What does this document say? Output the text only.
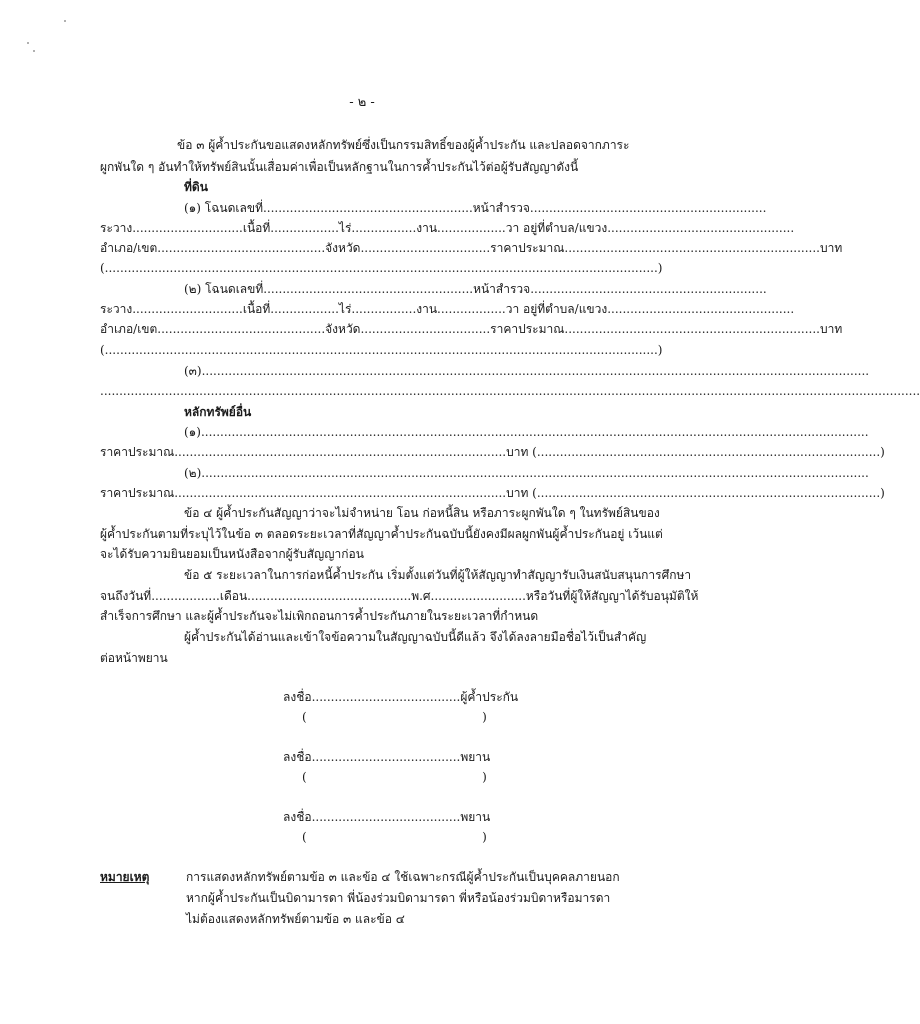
- ๒ -
ข้อ ๓ ผู้ค้ำประกันขอแสดงหลักทรัพย์ซึ่งเป็นกรรมสิทธิ์ของผู้ค้ำประกัน และปลอดจากภาระ
ผูกพันใด ๆ อันทำให้ทรัพย์สินนั้นเสื่อมค่าเพื่อเป็นหลักฐานในการค้ำประกันไว้ต่อผู้รับสัญญาดังนี้
ที่ดิน
(๑) โฉนดเลขที่.......................................................หน้าสำรวจ..............................................................
ระวาง.............................เนื้อที่..................ไร่.................งาน..................วา อยู่ที่ตำบล/แขวง.................................................
อำเภอ/เขต............................................จังหวัด..................................ราคาประมาณ...................................................................บาท
(.................................................................................................................................................)
(๒) โฉนดเลขที่.......................................................หน้าสำรวจ..............................................................
ระวาง.............................เนื้อที่..................ไร่.................งาน..................วา อยู่ที่ตำบล/แขวง.................................................
อำเภอ/เขต............................................จังหวัด..................................ราคาประมาณ...................................................................บาท
(.................................................................................................................................................)
(๓)...............................................................................................................................................................................
.......................................................................................................................................................................................................................
หลักทรัพย์อื่น
(๑)...............................................................................................................................................................................
ราคาประมาณ.......................................................................................บาท (..........................................................................................)
(๒)...............................................................................................................................................................................
ราคาประมาณ.......................................................................................บาท (..........................................................................................)
ข้อ ๔ ผู้ค้ำประกันสัญญาว่าจะไม่จำหน่าย โอน ก่อหนี้สิน หรือภาระผูกพันใด ๆ ในทรัพย์สินของ
ผู้ค้ำประกันตามที่ระบุไว้ในข้อ ๓ ตลอดระยะเวลาที่สัญญาค้ำประกันฉบับนี้ยังคงมีผลผูกพันผู้ค้ำประกันอยู่ เว้นแต่
จะได้รับความยินยอมเป็นหนังสือจากผู้รับสัญญาก่อน
ข้อ ๕ ระยะเวลาในการก่อหนี้ค้ำประกัน เริ่มตั้งแต่วันที่ผู้ให้สัญญาทำสัญญารับเงินสนับสนุนการศึกษา
จนถึงวันที่..................เดือน...........................................พ.ศ.........................หรือวันที่ผู้ให้สัญญาได้รับอนุมัติให้
สำเร็จการศึกษา และผู้ค้ำประกันจะไม่เพิกถอนการค้ำประกันภายในระยะเวลาที่กำหนด
ผู้ค้ำประกันได้อ่านและเข้าใจข้อความในสัญญาฉบับนี้ดีแล้ว จึงได้ลงลายมือชื่อไว้เป็นสำคัญ
ต่อหน้าพยาน
ลงชื่อ.......................................ผู้ค้ำประกัน
(                                              )
ลงชื่อ.......................................พยาน
(                                              )
ลงชื่อ.......................................พยาน
(                                              )
หมายเหตุ	การแสดงหลักทรัพย์ตามข้อ ๓ และข้อ ๔ ใช้เฉพาะกรณีผู้ค้ำประกันเป็นบุคคลภายนอก
หากผู้ค้ำประกันเป็นบิดามารดา พี่น้องร่วมบิดามารดา พี่หรือน้องร่วมบิดาหรือมารดา
ไม่ต้องแสดงหลักทรัพย์ตามข้อ ๓ และข้อ ๔
